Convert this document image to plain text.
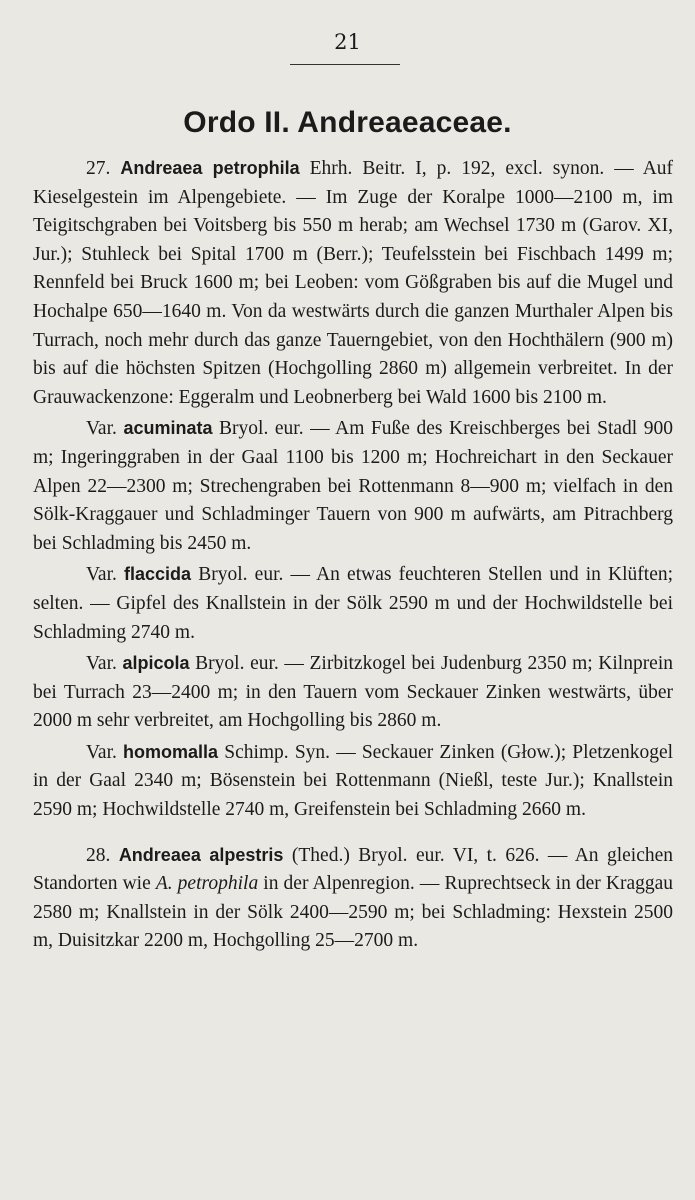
21
Ordo II. Andreaeaceae.

27. Andreaea petrophila Ehrh. Beitr. I, p. 192, excl. synon. — Auf Kieselgestein im Alpengebiete. — Im Zuge der Koralpe 1000—2100 m, im Teigitschgraben bei Voitsberg bis 550 m herab; am Wechsel 1730 m (Garov. XI, Jur.); Stuhleck bei Spital 1700 m (Berr.); Teufelsstein bei Fischbach 1499 m; Rennfeld bei Bruck 1600 m; bei Leoben: vom Gößgraben bis auf die Mugel und Hochalpe 650—1640 m. Von da westwärts durch die ganzen Murthaler Alpen bis Turrach, noch mehr durch das ganze Tauerngebiet, von den Hochthälern (900 m) bis auf die höchsten Spitzen (Hochgolling 2860 m) allgemein verbreitet. In der Grauwackenzone: Eggeralm und Leobnerberg bei Wald 1600 bis 2100 m.

Var. acuminata Bryol. eur. — Am Fuße des Kreischberges bei Stadl 900 m; Ingeringgraben in der Gaal 1100 bis 1200 m; Hochreichart in den Seckauer Alpen 22—2300 m; Strechengraben bei Rottenmann 8—900 m; vielfach in den Sölk-Kraggauer und Schladminger Tauern von 900 m aufwärts, am Pitrachberg bei Schladming bis 2450 m.

Var. flaccida Bryol. eur. — An etwas feuchteren Stellen und in Klüften; selten. — Gipfel des Knallstein in der Sölk 2590 m und der Hochwildstelle bei Schladming 2740 m.

Var. alpicola Bryol. eur. — Zirbitzkogel bei Judenburg 2350 m; Kilnprein bei Turrach 23—2400 m; in den Tauern vom Seckauer Zinken westwärts, über 2000 m sehr verbreitet, am Hochgolling bis 2860 m.

Var. homomalla Schimp. Syn. — Seckauer Zinken (Głow.); Pletzenkogel in der Gaal 2340 m; Bösenstein bei Rottenmann (Nießl, teste Jur.); Knallstein 2590 m; Hochwildstelle 2740 m, Greifenstein bei Schladming 2660 m.

28. Andreaea alpestris (Thed.) Bryol. eur. VI, t. 626. — An gleichen Standorten wie A. petrophila in der Alpenregion. — Ruprechtseck in der Kraggau 2580 m; Knallstein in der Sölk 2400—2590 m; bei Schladming: Hexstein 2500 m, Duisitzkar 2200 m, Hochgolling 25—2700 m.
